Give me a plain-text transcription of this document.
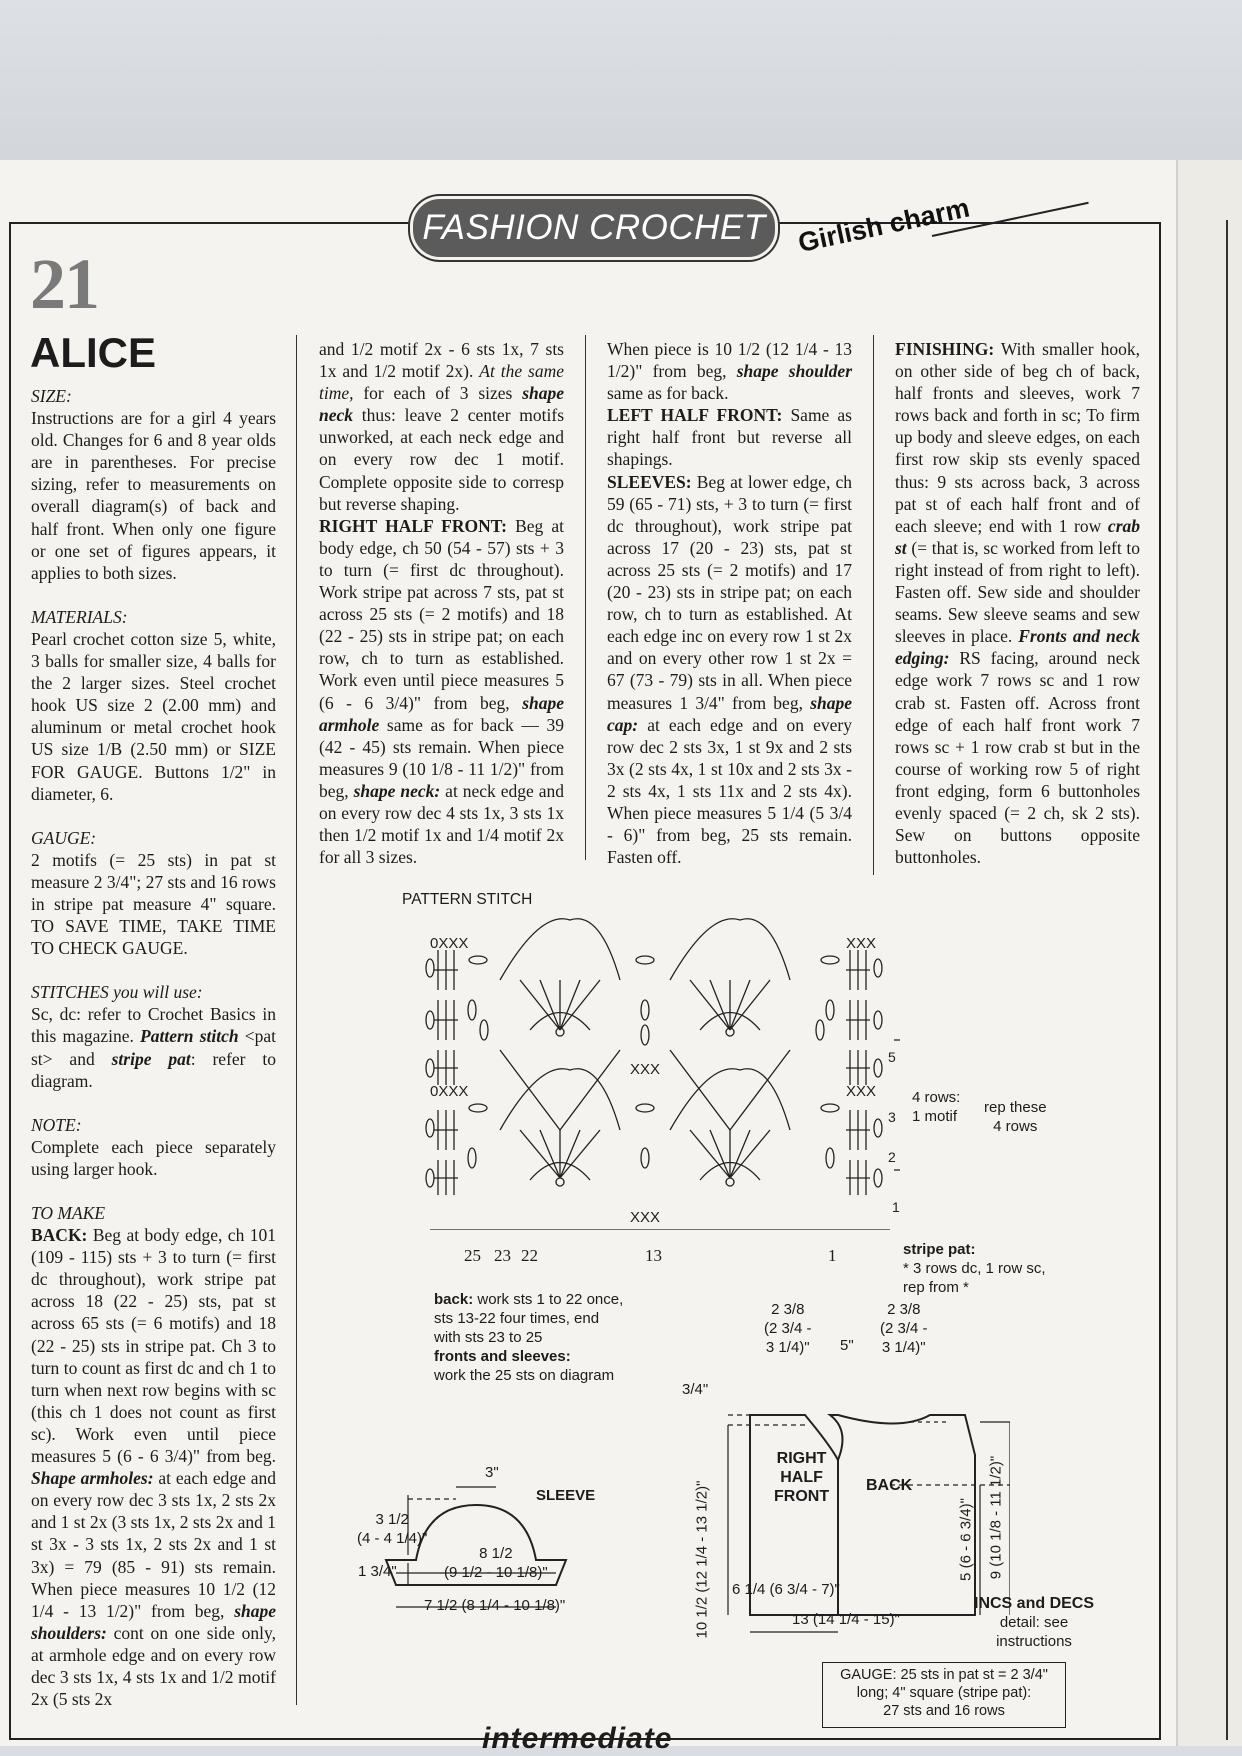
FASHION CROCHET	Girlish charm
21
ALICE

SIZE:

Instructions are for a girl 4 years old. Changes for 6 and 8 year olds are in parentheses. For precise sizing, refer to measurements on overall diagram(s) of back and half front. When only one figure or one set of figures appears, it applies to both sizes.

MATERIALS:

Pearl crochet cotton size 5, white, 3 balls for smaller size, 4 balls for the 2 larger sizes. Steel crochet hook US size 2 (2.00 mm) and aluminum or metal crochet hook US size 1/B (2.50 mm) or SIZE FOR GAUGE. Buttons 1/2" in diameter, 6.

GAUGE:

2 motifs (= 25 sts) in pat st measure 2 3/4"; 27 sts and 16 rows in stripe pat measure 4" square. TO SAVE TIME, TAKE TIME TO CHECK GAUGE.

STITCHES you will use:

Sc, dc: refer to Crochet Basics in this magazine. Pattern stitch <pat st> and stripe pat: refer to diagram.

NOTE:

Complete each piece separately using larger hook.

TO MAKE

BACK: Beg at body edge, ch 101 (109 - 115) sts + 3 to turn (= first dc throughout), work stripe pat across 18 (22 - 25) sts, pat st across 65 sts (= 6 motifs) and 18 (22 - 25) sts in stripe pat. Ch 3 to turn to count as first dc and ch 1 to turn when next row begins with sc (this ch 1 does not count as first sc). Work even until piece measures 5 (6 - 6 3/4)" from beg. Shape armholes: at each edge and on every row dec 3 sts 1x, 2 sts 2x and 1 st 2x (3 sts 1x, 2 sts 2x and 1 st 3x - 3 sts 1x, 2 sts 2x and 1 st 3x) = 79 (85 - 91) sts remain. When piece measures 10 1/2 (12 1/4 - 13 1/2)" from beg, shape shoulders: cont on one side only, at armhole edge and on every row dec 3 sts 1x, 4 sts 1x and 1/2 motif 2x (5 sts 2x

and 1/2 motif 2x - 6 sts 1x, 7 sts 1x and 1/2 motif 2x). At the same time, for each of 3 sizes shape neck thus: leave 2 center motifs unworked, at each neck edge and on every row dec 1 motif. Complete opposite side to corresp but reverse shaping.

RIGHT HALF FRONT: Beg at body edge, ch 50 (54 - 57) sts + 3 to turn (= first dc throughout). Work stripe pat across 7 sts, pat st across 25 sts (= 2 motifs) and 18 (22 - 25) sts in stripe pat; on each row, ch to turn as established. Work even until piece measures 5 (6 - 6 3/4)" from beg, shape armhole same as for back — 39 (42 - 45) sts remain. When piece measures 9 (10 1/8 - 11 1/2)" from beg, shape neck: at neck edge and on every row dec 4 sts 1x, 3 sts 1x then 1/2 motif 1x and 1/4 motif 2x for all 3 sizes.

When piece is 10 1/2 (12 1/4 - 13 1/2)" from beg, shape shoulder same as for back.

LEFT HALF FRONT: Same as right half front but reverse all shapings.

SLEEVES: Beg at lower edge, ch 59 (65 - 71) sts, + 3 to turn (= first dc throughout), work stripe pat across 17 (20 - 23) sts, pat st across 25 sts (= 2 motifs) and 17 (20 - 23) sts in stripe pat; on each row, ch to turn as established. At each edge inc on every row 1 st 2x and on every other row 1 st 2x = 67 (73 - 79) sts in all. When piece measures 1 3/4" from beg, shape cap: at each edge and on every row dec 2 sts 3x, 1 st 9x and 2 sts 3x (2 sts 4x, 1 st 10x and 2 sts 3x - 2 sts 4x, 1 sts 11x and 2 sts 4x). When piece measures 5 1/4 (5 3/4 - 6)" from beg, 25 sts remain. Fasten off.

FINISHING: With smaller hook, on other side of beg ch of back, half fronts and sleeves, work 7 rows back and forth in sc; To firm up body and sleeve edges, on each first row skip sts evenly spaced thus: 9 sts across back, 3 across pat st of each half front and of each sleeve; end with 1 row crab st (= that is, sc worked from left to right instead of from right to left). Fasten off. Sew side and shoulder seams. Sew sleeve seams and sew sleeves in place. Fronts and neck edging: RS facing, around neck edge work 7 rows sc and 1 row crab st. Fasten off. Across front edge of each half front work 7 rows sc + 1 row crab st but in the course of working row 5 of right front edging, form 6 buttonholes evenly spaced (= 2 ch, sk 2 sts). Sew on buttons opposite buttonholes.

PATTERN STITCH
0XXX	XXX
0XXX	XXX
XXX
XXX
5
3
2
1
25 23 22	13	1
4 rows:
1 motif
rep these
4 rows
stripe pat:
* 3 rows dc, 1 row sc,
rep from *
back: work sts 1 to 22 once,
sts 13-22 four times, end
with sts 23 to 25
fronts and sleeves:
work the 25 sts on diagram
SLEEVE
3"
3 1/2
(4 - 4 1/4)"
1 3/4"
8 1/2
(9 1/2 - 10 1/8)"
7 1/2 (8 1/4 - 10 1/8)"
2 3/8
(2 3/4 -
3 1/4)" 5"
2 3/8
(2 3/4 -
3 1/4)"
3/4"
RIGHT
HALF
FRONT
BACK
10 1/2 (12 1/4 - 13 1/2)"	9 (10 1/8 - 11 1/2)"
5 (6 - 6 3/4)"
6 1/4 (6 3/4 - 7)"
13 (14 1/4 - 15)"
INCS and DECS
detail: see
instructions
GAUGE: 25 sts in pat st = 2 3/4"
long; 4" square (stripe pat):
27 sts and 16 rows
intermediate
